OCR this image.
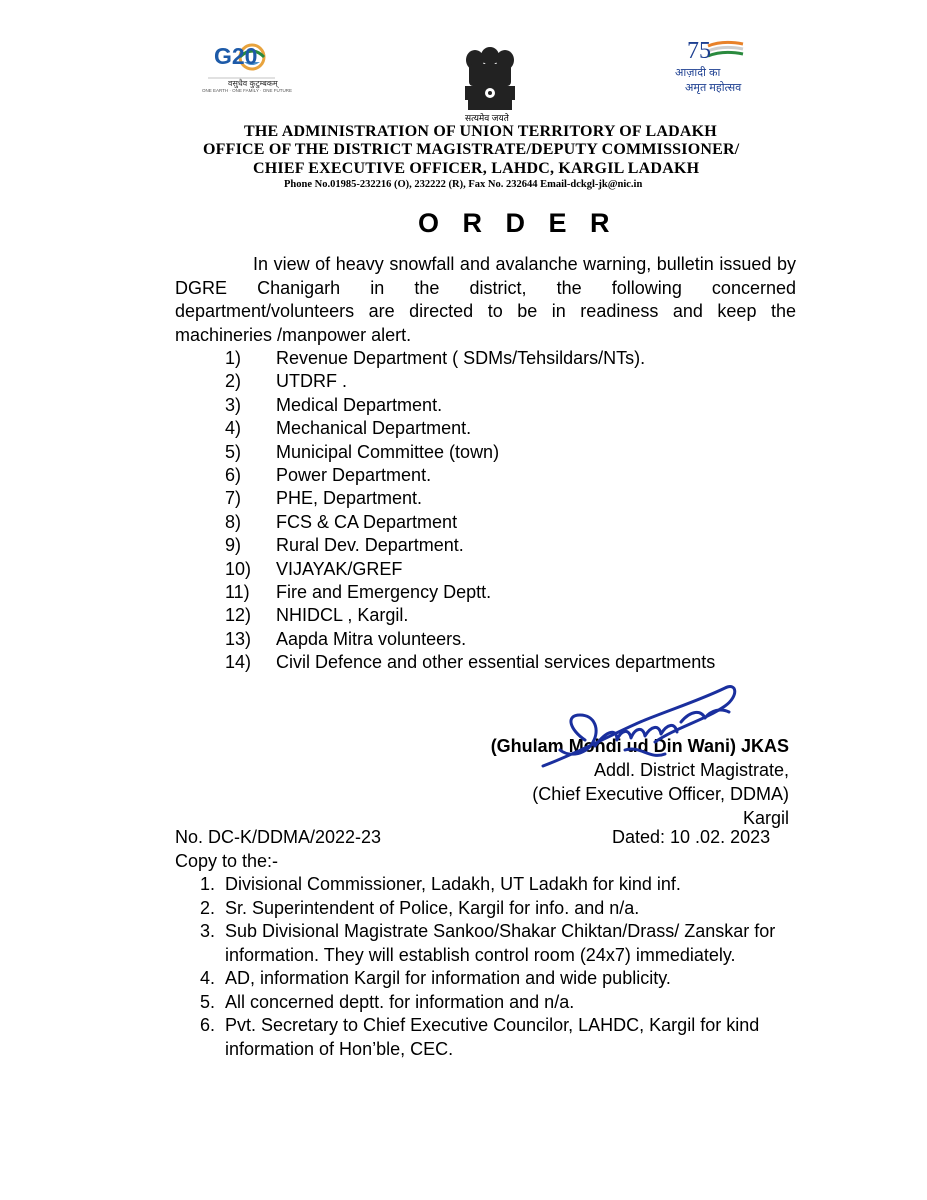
G20
वसुधैव कुटुम्बकम्
ONE EARTH · ONE FAMILY · ONE FUTURE
सत्यमेव जयते
75
आज़ादी का
अमृत महोत्सव
THE ADMINISTRATION OF UNION TERRITORY OF LADAKH
OFFICE OF THE DISTRICT MAGISTRATE/DEPUTY COMMISSIONER/
CHIEF EXECUTIVE OFFICER, LAHDC, KARGIL LADAKH
Phone No.01985-232216 (O), 232222 (R), Fax No. 232644 Email-dckgl-jk@nic.in
O R D E R
In view of heavy snowfall and avalanche warning, bulletin issued by DGRE Chanigarh in the district, the following concerned department/volunteers are directed to be in readiness and keep the machineries /manpower alert.
1) Revenue Department ( SDMs/Tehsildars/NTs).
2) UTDRF .
3) Medical Department.
4) Mechanical Department.
5) Municipal Committee (town)
6) Power Department.
7) PHE, Department.
8) FCS & CA Department
9) Rural Dev. Department.
10) VIJAYAK/GREF
11) Fire and Emergency Deptt.
12) NHIDCL , Kargil.
13) Aapda Mitra volunteers.
14) Civil Defence and other essential services departments
(Ghulam Mohdi ud Din Wani) JKAS
Addl. District Magistrate,
(Chief Executive Officer, DDMA)
Kargil
No. DC-K/DDMA/2022-23	Dated: 10 .02. 2023
Copy to the:-
1. Divisional Commissioner, Ladakh, UT Ladakh for kind inf.
2. Sr. Superintendent of Police, Kargil for info. and n/a.
3. Sub Divisional Magistrate Sankoo/Shakar Chiktan/Drass/ Zanskar for information. They will establish control room (24x7) immediately.
4. AD, information Kargil for information and wide publicity.
5. All concerned deptt. for information and n/a.
6. Pvt. Secretary to Chief Executive Councilor, LAHDC, Kargil for kind information of Hon’ble, CEC.
